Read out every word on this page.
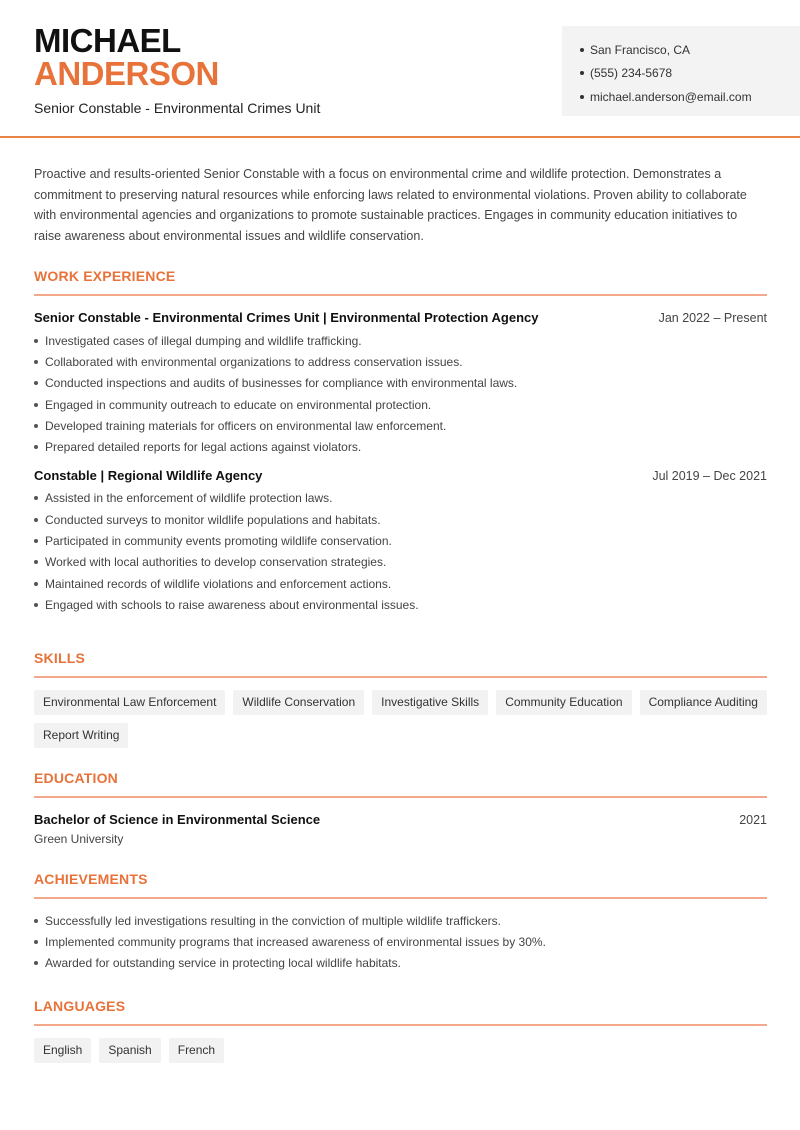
MICHAEL
ANDERSON
Senior Constable - Environmental Crimes Unit
San Francisco, CA
(555) 234-5678
michael.anderson@email.com
Proactive and results-oriented Senior Constable with a focus on environmental crime and wildlife protection. Demonstrates a commitment to preserving natural resources while enforcing laws related to environmental violations. Proven ability to collaborate with environmental agencies and organizations to promote sustainable practices. Engages in community education initiatives to raise awareness about environmental issues and wildlife conservation.
WORK EXPERIENCE
Senior Constable - Environmental Crimes Unit | Environmental Protection Agency	Jan 2022 – Present
Investigated cases of illegal dumping and wildlife trafficking.
Collaborated with environmental organizations to address conservation issues.
Conducted inspections and audits of businesses for compliance with environmental laws.
Engaged in community outreach to educate on environmental protection.
Developed training materials for officers on environmental law enforcement.
Prepared detailed reports for legal actions against violators.
Constable | Regional Wildlife Agency	Jul 2019 – Dec 2021
Assisted in the enforcement of wildlife protection laws.
Conducted surveys to monitor wildlife populations and habitats.
Participated in community events promoting wildlife conservation.
Worked with local authorities to develop conservation strategies.
Maintained records of wildlife violations and enforcement actions.
Engaged with schools to raise awareness about environmental issues.
SKILLS
Environmental Law Enforcement	Wildlife Conservation	Investigative Skills	Community Education	Compliance Auditing
Report Writing
EDUCATION
Bachelor of Science in Environmental Science	2021
Green University
ACHIEVEMENTS
Successfully led investigations resulting in the conviction of multiple wildlife traffickers.
Implemented community programs that increased awareness of environmental issues by 30%.
Awarded for outstanding service in protecting local wildlife habitats.
LANGUAGES
English	Spanish	French
